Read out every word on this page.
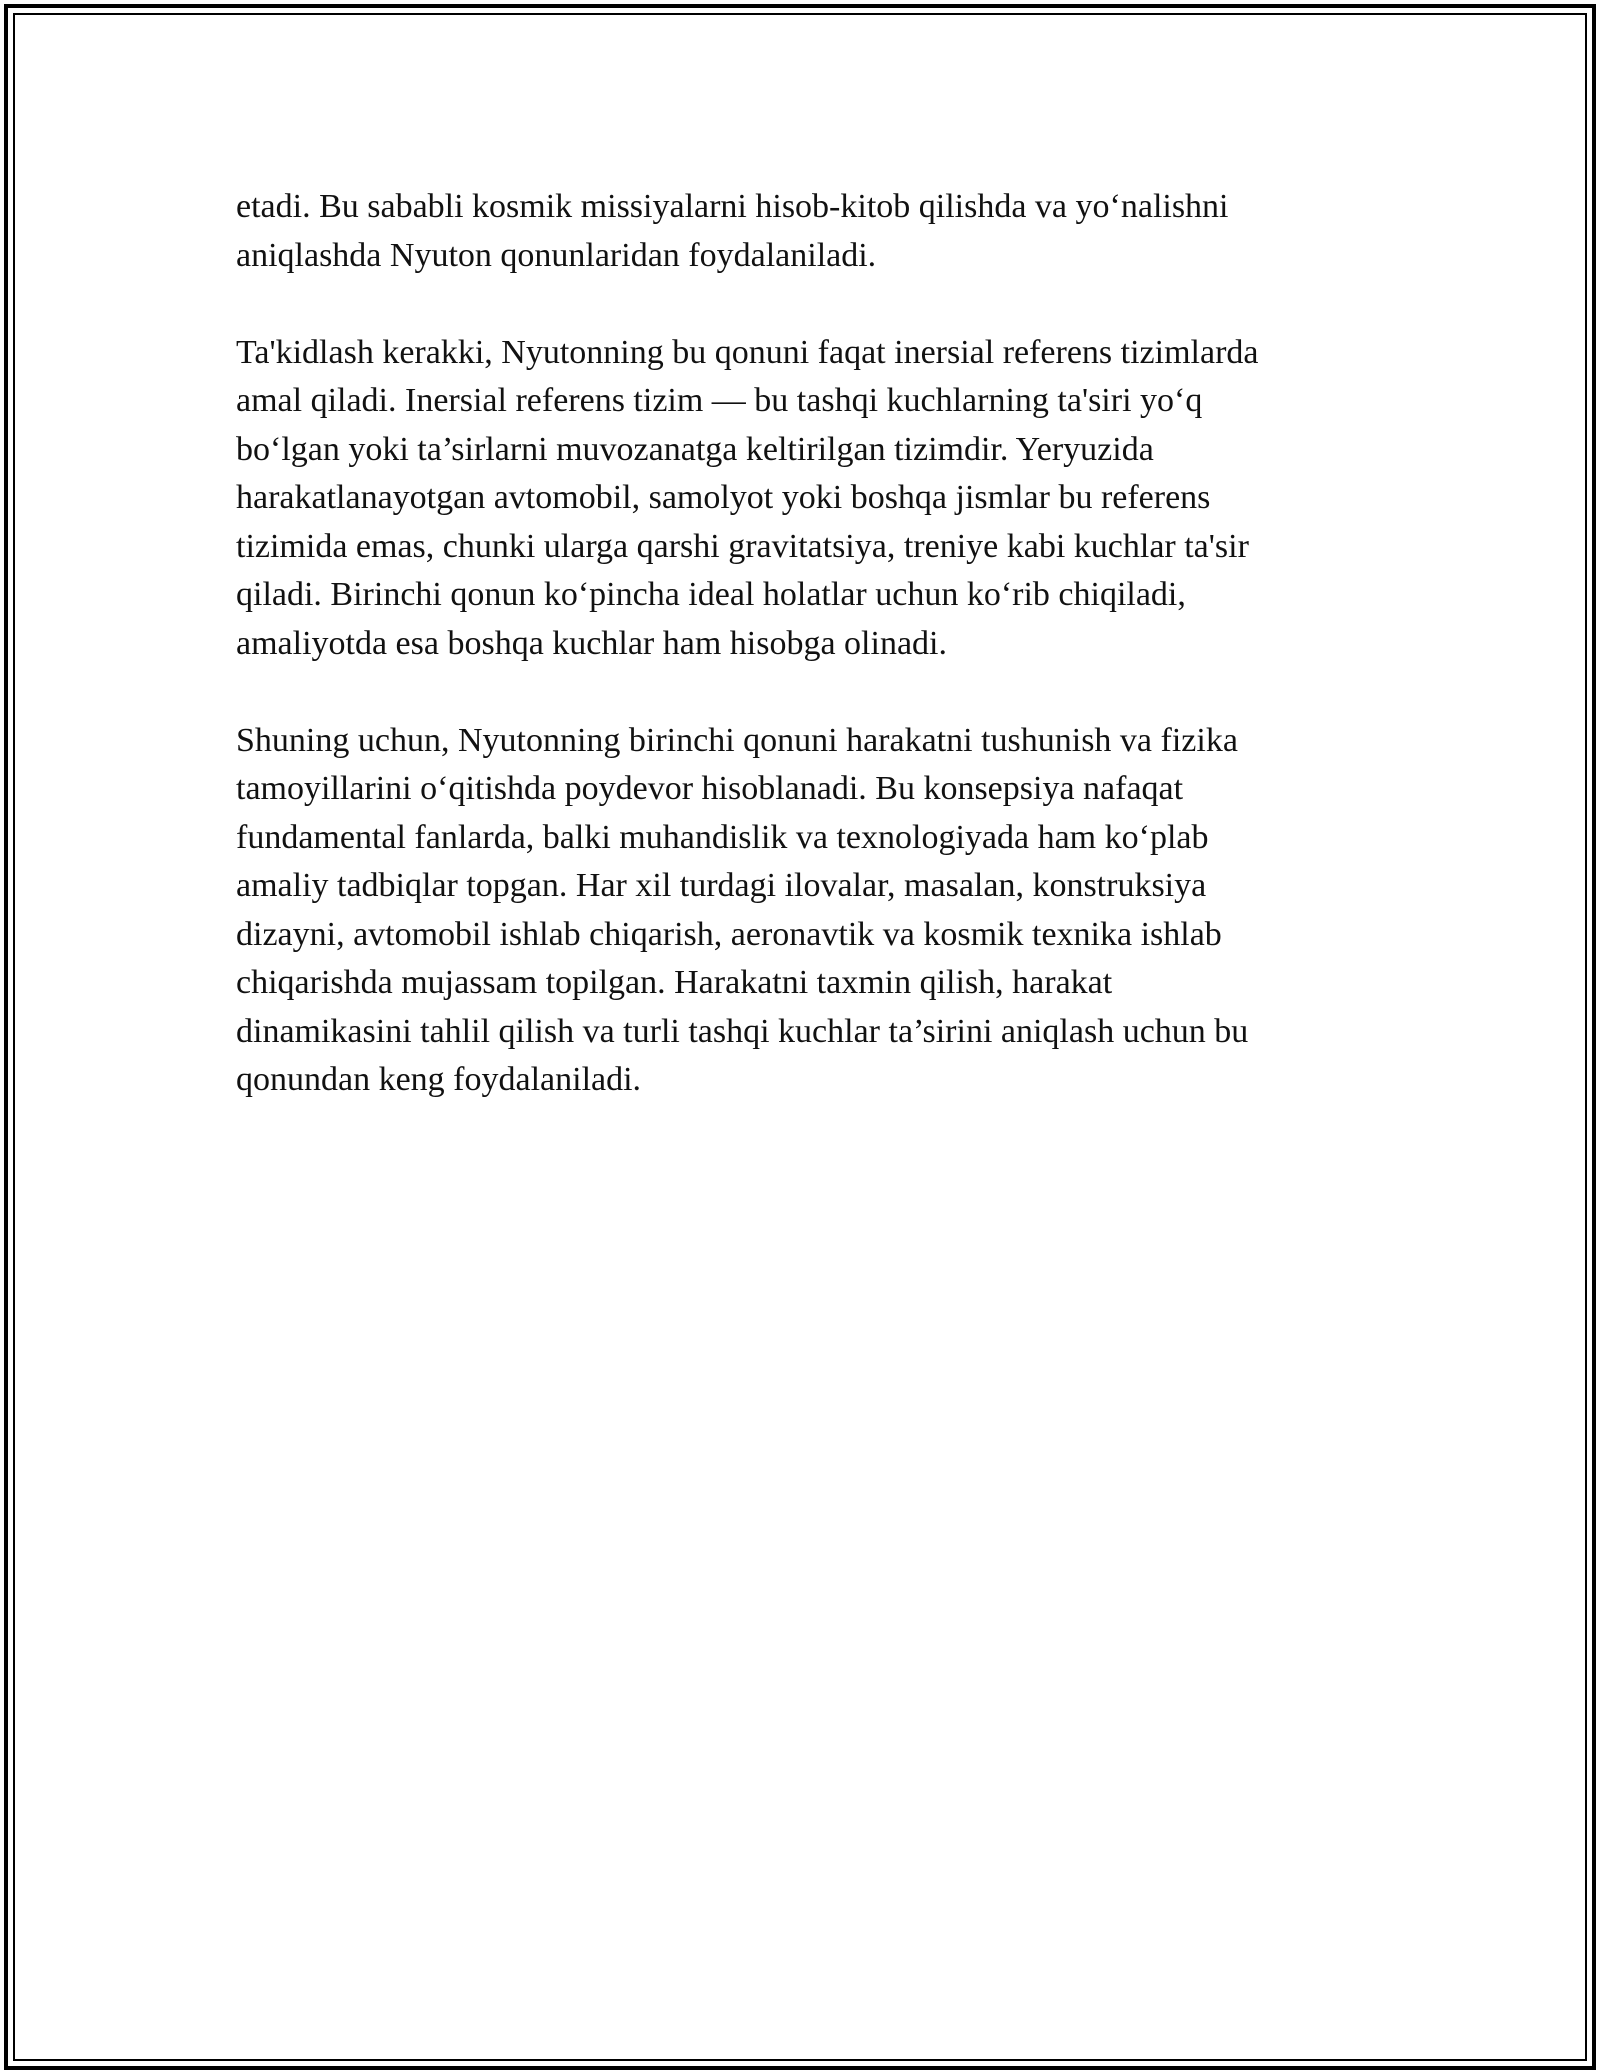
etadi. Bu sababli kosmik missiyalarni hisob-kitob qilishda va yo‘nalishni
aniqlashda Nyuton qonunlaridan foydalaniladi.

Ta'kidlash kerakki, Nyutonning bu qonuni faqat inersial referens tizimlarda
amal qiladi. Inersial referens tizim — bu tashqi kuchlarning ta'siri yo‘q
bo‘lgan yoki ta’sirlarni muvozanatga keltirilgan tizimdir. Yeryuzida
harakatlanayotgan avtomobil, samolyot yoki boshqa jismlar bu referens
tizimida emas, chunki ularga qarshi gravitatsiya, treniye kabi kuchlar ta'sir
qiladi. Birinchi qonun ko‘pincha ideal holatlar uchun ko‘rib chiqiladi,
amaliyotda esa boshqa kuchlar ham hisobga olinadi.

Shuning uchun, Nyutonning birinchi qonuni harakatni tushunish va fizika
tamoyillarini o‘qitishda poydevor hisoblanadi. Bu konsepsiya nafaqat
fundamental fanlarda, balki muhandislik va texnologiyada ham ko‘plab
amaliy tadbiqlar topgan. Har xil turdagi ilovalar, masalan, konstruksiya
dizayni, avtomobil ishlab chiqarish, aeronavtik va kosmik texnika ishlab
chiqarishda mujassam topilgan. Harakatni taxmin qilish, harakat
dinamikasini tahlil qilish va turli tashqi kuchlar ta’sirini aniqlash uchun bu
qonundan keng foydalaniladi.
